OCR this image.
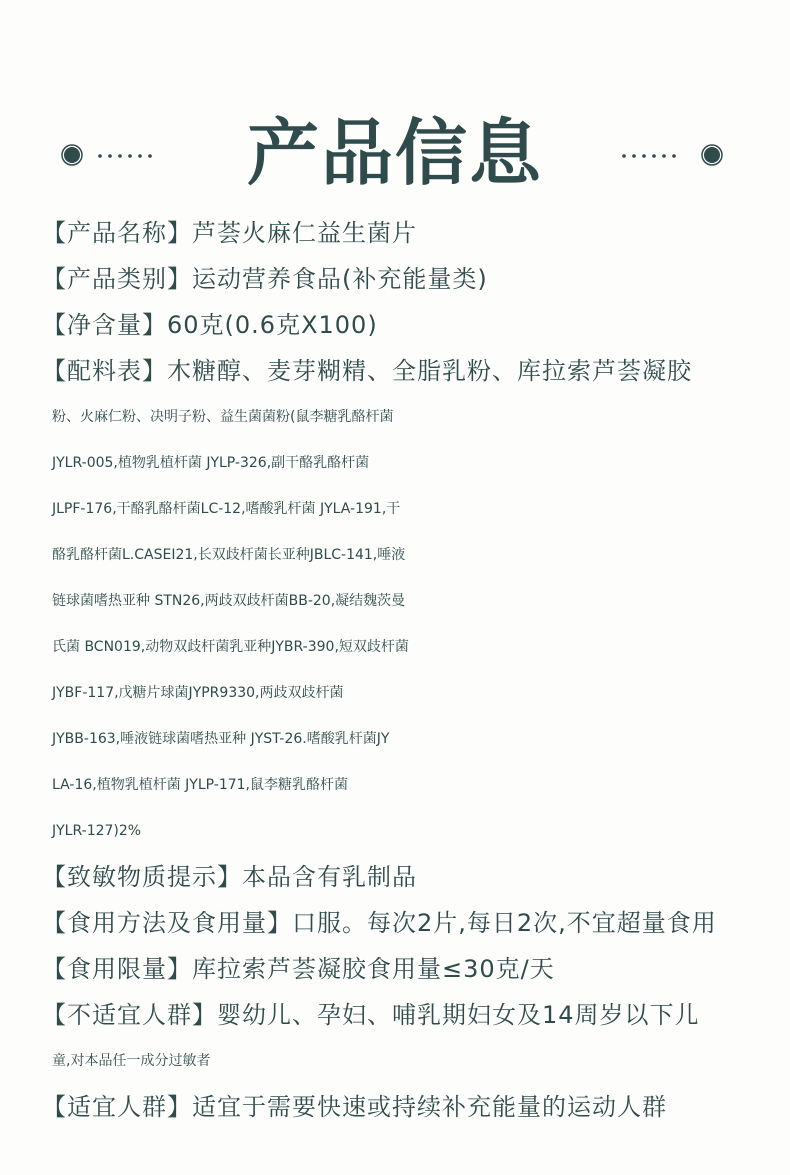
产品信息
【产品名称】芦荟火麻仁益生菌片
【产品类别】运动营养食品(补充能量类)
【净含量】60克(0.6克X100)
【配料表】木糖醇、麦芽糊精、全脂乳粉、库拉索芦荟凝胶
粉、火麻仁粉、决明子粉、益生菌菌粉(鼠李糖乳酪杆菌
JYLR-005,植物乳植杆菌 JYLP-326,副干酪乳酪杆菌
JLPF-176,干酪乳酪杆菌LC-12,嗜酸乳杆菌 JYLA-191,干
酪乳酪杆菌L.CASEI21,长双歧杆菌长亚种JBLC-141,唾液
链球菌嗜热亚种 STN26,两歧双歧杆菌BB-20,凝结魏茨曼
氏菌 BCN019,动物双歧杆菌乳亚种JYBR-390,短双歧杆菌
JYBF-117,戊糖片球菌JYPR9330,两歧双歧杆菌
JYBB-163,唾液链球菌嗜热亚种 JYST-26.嗜酸乳杆菌JY
LA-16,植物乳植杆菌 JYLP-171,鼠李糖乳酪杆菌
JYLR-127)2%
【致敏物质提示】本品含有乳制品
【食用方法及食用量】口服。每次2片,每日2次,不宜超量食用
【食用限量】库拉索芦荟凝胶食用量≤30克/天
【不适宜人群】婴幼儿、孕妇、哺乳期妇女及14周岁以下儿
童,对本品任一成分过敏者
【适宜人群】适宜于需要快速或持续补充能量的运动人群
